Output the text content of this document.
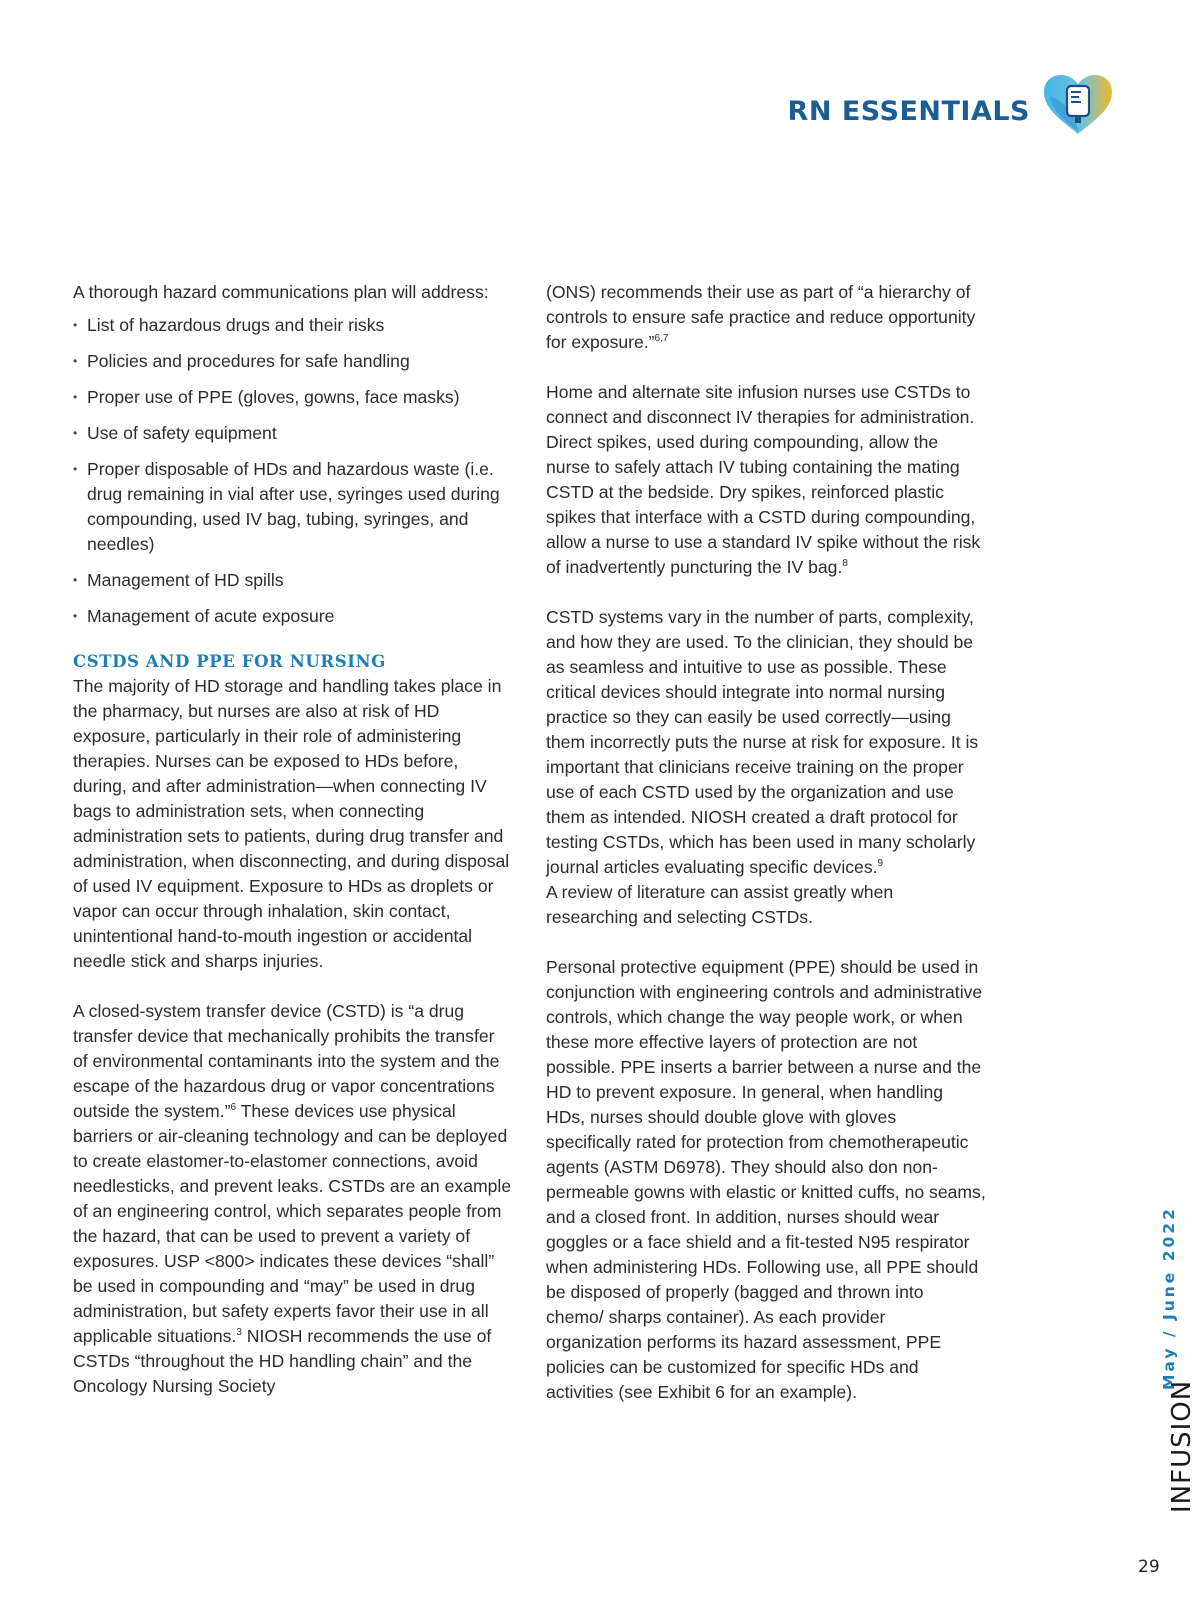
RN ESSENTIALS

A thorough hazard communications plan will address:

• List of hazardous drugs and their risks
• Policies and procedures for safe handling
• Proper use of PPE (gloves, gowns, face masks)
• Use of safety equipment
• Proper disposable of HDs and hazardous waste (i.e. drug remaining in vial after use, syringes used during compounding, used IV bag, tubing, syringes, and needles)
• Management of HD spills
• Management of acute exposure
CSTDS AND PPE FOR NURSING

The majority of HD storage and handling takes place in the pharmacy, but nurses are also at risk of HD exposure, particularly in their role of administering therapies. Nurses can be exposed to HDs before, during, and after administration—when connecting IV bags to administration sets, when connecting administration sets to patients, during drug transfer and administration, when disconnecting, and during disposal of used IV equipment. Exposure to HDs as droplets or vapor can occur through inhalation, skin contact, unintentional hand-to-mouth ingestion or accidental needle stick and sharps injuries.

A closed-system transfer device (CSTD) is “a drug transfer device that mechanically prohibits the transfer of environmental contaminants into the system and the escape of the hazardous drug or vapor concentrations outside the system.”$^6$ These devices use physical barriers or air-cleaning technology and can be deployed to create elastomer-to-elastomer connections, avoid needlesticks, and prevent leaks. CSTDs are an example of an engineering control, which separates people from the hazard, that can be used to prevent a variety of exposures. USP <800> indicates these devices “shall” be used in compounding and “may” be used in drug administration, but safety experts favor their use in all applicable situations.$^3$ NIOSH recommends the use of CSTDs “throughout the HD handling chain” and the Oncology Nursing Society

(ONS) recommends their use as part of “a hierarchy of controls to ensure safe practice and reduce opportunity for exposure.”$^{6,7}$

Home and alternate site infusion nurses use CSTDs to connect and disconnect IV therapies for administration. Direct spikes, used during compounding, allow the nurse to safely attach IV tubing containing the mating CSTD at the bedside. Dry spikes, reinforced plastic spikes that interface with a CSTD during compounding, allow a nurse to use a standard IV spike without the risk of inadvertently puncturing the IV bag.$^8$

CSTD systems vary in the number of parts, complexity, and how they are used. To the clinician, they should be as seamless and intuitive to use as possible. These critical devices should integrate into normal nursing practice so they can easily be used correctly—using them incorrectly puts the nurse at risk for exposure. It is important that clinicians receive training on the proper use of each CSTD used by the organization and use them as intended. NIOSH created a draft protocol for testing CSTDs, which has been used in many scholarly journal articles evaluating specific devices.$^9$
A review of literature can assist greatly when researching and selecting CSTDs.

Personal protective equipment (PPE) should be used in conjunction with engineering controls and administrative controls, which change the way people work, or when these more effective layers of protection are not possible. PPE inserts a barrier between a nurse and the HD to prevent exposure. In general, when handling HDs, nurses should double glove with gloves specifically rated for protection from chemotherapeutic agents (ASTM D6978). They should also don non-permeable gowns with elastic or knitted cuffs, no seams, and a closed front. In addition, nurses should wear goggles or a face shield and a fit-tested N95 respirator when administering HDs. Following use, all PPE should be disposed of properly (bagged and thrown into chemo/ sharps container). As each provider organization performs its hazard assessment, PPE policies can be customized for specific HDs and activities (see Exhibit 6 for an example).

May / June 2022
INFUSION
29
